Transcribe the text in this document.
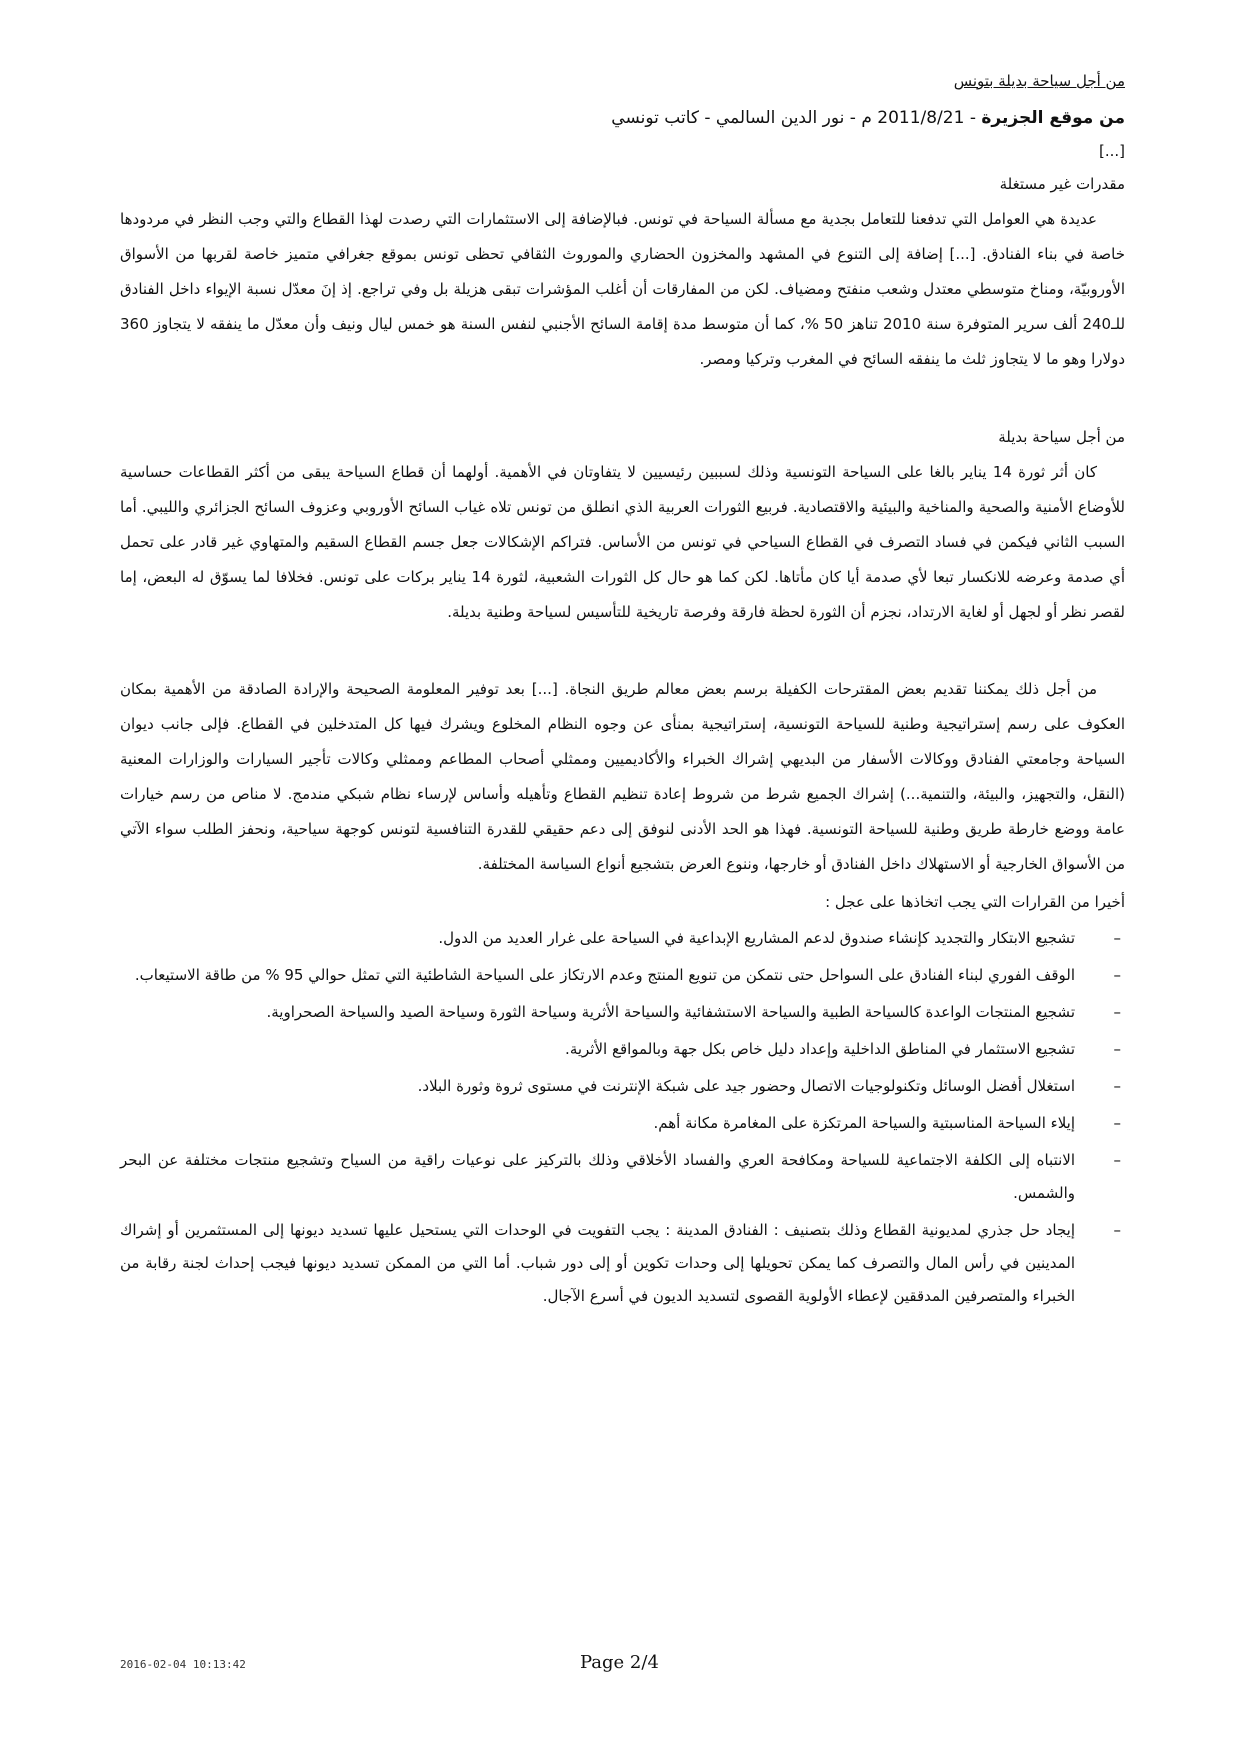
من أجل سياحة بديلة بتونس
من موقع الجزيرة - 2011/8/21 م - نور الدين السالمي - كاتب تونسي
[...]
مقدرات غير مستغلة

عديدة هي العوامل التي تدفعنا للتعامل بجدية مع مسألة السياحة في تونس. فبالإضافة إلى الاستثمارات التي رصدت لهذا القطاع والتي وجب النظر في مردودها خاصة في بناء الفنادق. [...] إضافة إلى التنوع في المشهد والمخزون الحضاري والموروث الثقافي تحظى تونس بموقع جغرافي متميز خاصة لقربها من الأسواق الأوروبيّة، ومناخ متوسطي معتدل وشعب منفتح ومضياف. لكن من المفارقات أن أغلب المؤشرات تبقى هزيلة بل وفي تراجع. إذ إنَ معدّل نسبة الإيواء داخل الفنادق للـ240 ألف سرير المتوفرة سنة 2010 تناهز 50 %، كما أن متوسط مدة إقامة السائح الأجنبي لنفس السنة هو خمس ليال ونيف وأن معدّل ما ينفقه لا يتجاوز 360 دولارا وهو ما لا يتجاوز ثلث ما ينفقه السائح في المغرب وتركيا ومصر.

من أجل سياحة بديلة

كان أثر ثورة 14 يناير بالغا على السياحة التونسية وذلك لسببين رئيسيين لا يتفاوتان في الأهمية. أولهما أن قطاع السياحة يبقى من أكثر القطاعات حساسية للأوضاع الأمنية والصحية والمناخية والبيئية والاقتصادية. فربيع الثورات العربية الذي انطلق من تونس تلاه غياب السائح الأوروبي وعزوف السائح الجزائري والليبي. أما السبب الثاني فيكمن في فساد التصرف في القطاع السياحي في تونس من الأساس. فتراكم الإشكالات جعل جسم القطاع السقيم والمتهاوي غير قادر على تحمل أي صدمة وعرضه للانكسار تبعا لأي صدمة أيا كان مأتاها. لكن كما هو حال كل الثورات الشعبية، لثورة 14 يناير بركات على تونس. فخلافا لما يسوّق له البعض، إما لقصر نظر أو لجهل أو لغاية الارتداد، نجزم أن الثورة لحظة فارقة وفرصة تاريخية للتأسيس لسياحة وطنية بديلة.

من أجل ذلك يمكننا تقديم بعض المقترحات الكفيلة برسم بعض معالم طريق النجاة. [...] بعد توفير المعلومة الصحيحة والإرادة الصادقة من الأهمية بمكان العكوف على رسم إستراتيجية وطنية للسياحة التونسية، إستراتيجية بمنأى عن وجوه النظام المخلوع ويشرك فيها كل المتدخلين في القطاع. فإلى جانب ديوان السياحة وجامعتي الفنادق ووكالات الأسفار من البديهي إشراك الخبراء والأكاديميين وممثلي أصحاب المطاعم وممثلي وكالات تأجير السيارات والوزارات المعنية (النقل، والتجهيز، والبيئة، والتنمية...) إشراك الجميع شرط من شروط إعادة تنظيم القطاع وتأهيله وأساس لإرساء نظام شبكي مندمج. لا مناص من رسم خيارات عامة ووضع خارطة طريق وطنية للسياحة التونسية. فهذا هو الحد الأدنى لنوفق إلى دعم حقيقي للقدرة التنافسية لتونس كوجهة سياحية، ونحفز الطلب سواء الآتي من الأسواق الخارجية أو الاستهلاك داخل الفنادق أو خارجها، وننوع العرض بتشجيع أنواع السياسة المختلفة.

أخيرا من القرارات التي يجب اتخاذها على عجل :
–
تشجيع الابتكار والتجديد كإنشاء صندوق لدعم المشاريع الإبداعية في السياحة على غرار العديد من الدول.
–
الوقف الفوري لبناء الفنادق على السواحل حتى نتمكن من تنويع المنتج وعدم الارتكاز على السياحة الشاطئية التي تمثل حوالي 95 % من طاقة الاستيعاب.
–
تشجيع المنتجات الواعدة كالسياحة الطبية والسياحة الاستشفائية والسياحة الأثرية وسياحة الثورة وسياحة الصيد والسياحة الصحراوية.
–
تشجيع الاستثمار في المناطق الداخلية وإعداد دليل خاص بكل جهة وبالمواقع الأثرية.
–
استغلال أفضل الوسائل وتكنولوجيات الاتصال وحضور جيد على شبكة الإنترنت في مستوى ثروة وثورة البلاد.
–
إيلاء السياحة المناسبتية والسياحة المرتكزة على المغامرة مكانة أهم.
–
الانتباه إلى الكلفة الاجتماعية للسياحة ومكافحة العري والفساد الأخلاقي وذلك بالتركيز على نوعيات راقية من السياح وتشجيع منتجات مختلفة عن البحر والشمس.
–
إيجاد حل جذري لمديونية القطاع وذلك بتصنيف : الفنادق المدينة : يجب التفويت في الوحدات التي يستحيل عليها تسديد ديونها إلى المستثمرين أو إشراك المدينين في رأس المال والتصرف كما يمكن تحويلها إلى وحدات تكوين أو إلى دور شباب. أما التي من الممكن تسديد ديونها فيجب إحداث لجنة رقابة من الخبراء والمتصرفين المدققين لإعطاء الأولوية القصوى لتسديد الديون في أسرع الآجال.
2016-02-04 10:13:42	Page 2/4
